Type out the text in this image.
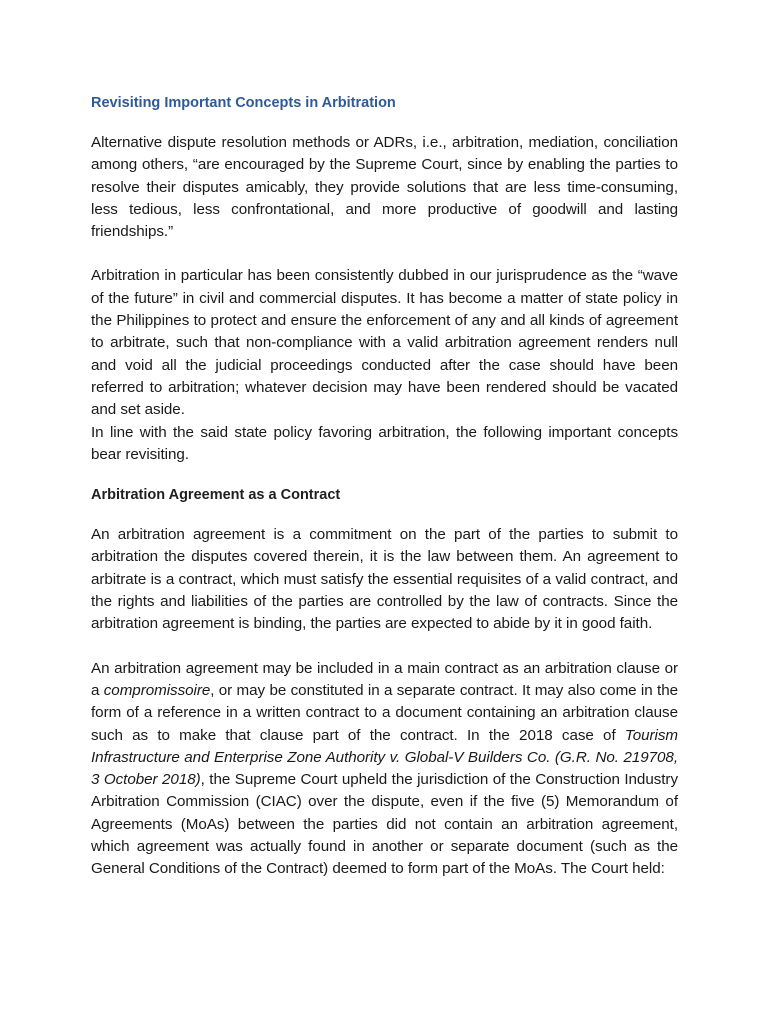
Revisiting Important Concepts in Arbitration

Alternative dispute resolution methods or ADRs, i.e., arbitration, mediation, conciliation among others, “are encouraged by the Supreme Court, since by enabling the parties to resolve their disputes amicably, they provide solutions that are less time-consuming, less tedious, less confrontational, and more productive of goodwill and lasting friendships.”

Arbitration in particular has been consistently dubbed in our jurisprudence as the “wave of the future” in civil and commercial disputes. It has become a matter of state policy in the Philippines to protect and ensure the enforcement of any and all kinds of agreement to arbitrate, such that non-compliance with a valid arbitration agreement renders null and void all the judicial proceedings conducted after the case should have been referred to arbitration; whatever decision may have been rendered should be vacated and set aside.

In line with the said state policy favoring arbitration, the following important concepts bear revisiting.

Arbitration Agreement as a Contract

An arbitration agreement is a commitment on the part of the parties to submit to arbitration the disputes covered therein, it is the law between them. An agreement to arbitrate is a contract, which must satisfy the essential requisites of a valid contract, and the rights and liabilities of the parties are controlled by the law of contracts. Since the arbitration agreement is binding, the parties are expected to abide by it in good faith.

An arbitration agreement may be included in a main contract as an arbitration clause or a compromissoire, or may be constituted in a separate contract. It may also come in the form of a reference in a written contract to a document containing an arbitration clause such as to make that clause part of the contract. In the 2018 case of Tourism Infrastructure and Enterprise Zone Authority v. Global-V Builders Co. (G.R. No. 219708, 3 October 2018), the Supreme Court upheld the jurisdiction of the Construction Industry Arbitration Commission (CIAC) over the dispute, even if the five (5) Memorandum of Agreements (MoAs) between the parties did not contain an arbitration agreement, which agreement was actually found in another or separate document (such as the General Conditions of the Contract) deemed to form part of the MoAs. The Court held:
